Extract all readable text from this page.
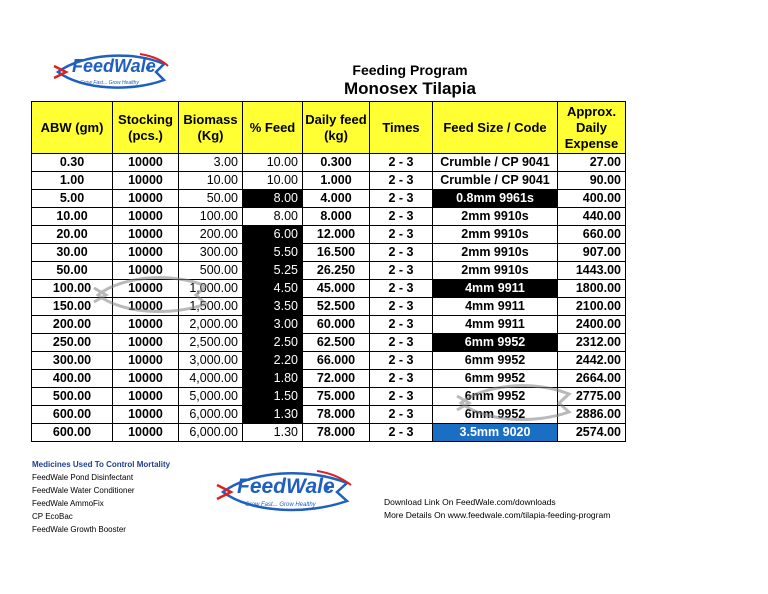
FeedWale
Grow Fast... Grow Healthy
Feeding Program
Monosex Tilapia
ABW (gm)	Stocking (pcs.)	Biomass (Kg)	% Feed	Daily feed (kg)	Times	Feed Size / Code	Approx. Daily Expense
0.30	10000	3.00	10.00	0.300	2 - 3	Crumble / CP 9041	27.00
1.00	10000	10.00	10.00	1.000	2 - 3	Crumble / CP 9041	90.00
5.00	10000	50.00	8.00	4.000	2 - 3	0.8mm 9961s	400.00
10.00	10000	100.00	8.00	8.000	2 - 3	2mm 9910s	440.00
20.00	10000	200.00	6.00	12.000	2 - 3	2mm 9910s	660.00
30.00	10000	300.00	5.50	16.500	2 - 3	2mm 9910s	907.00
50.00	10000	500.00	5.25	26.250	2 - 3	2mm 9910s	1443.00
100.00	10000	1,000.00	4.50	45.000	2 - 3	4mm 9911	1800.00
150.00	10000	1,500.00	3.50	52.500	2 - 3	4mm 9911	2100.00
200.00	10000	2,000.00	3.00	60.000	2 - 3	4mm 9911	2400.00
250.00	10000	2,500.00	2.50	62.500	2 - 3	6mm 9952	2312.00
300.00	10000	3,000.00	2.20	66.000	2 - 3	6mm 9952	2442.00
400.00	10000	4,000.00	1.80	72.000	2 - 3	6mm 9952	2664.00
500.00	10000	5,000.00	1.50	75.000	2 - 3	6mm 9952	2775.00
600.00	10000	6,000.00	1.30	78.000	2 - 3	6mm 9952	2886.00
600.00	10000	6,000.00	1.30	78.000	2 - 3	3.5mm 9020	2574.00
Medicines Used To Control Mortality
FeedWale Pond Disinfectant
FeedWale Water Conditioner
FeedWale AmmoFix
CP EcoBac
FeedWale Growth Booster
FeedWale
Grow Fast... Grow Healthy	Download Link On FeedWale.com/downloads
More Details On www.feedwale.com/tilapia-feeding-program
